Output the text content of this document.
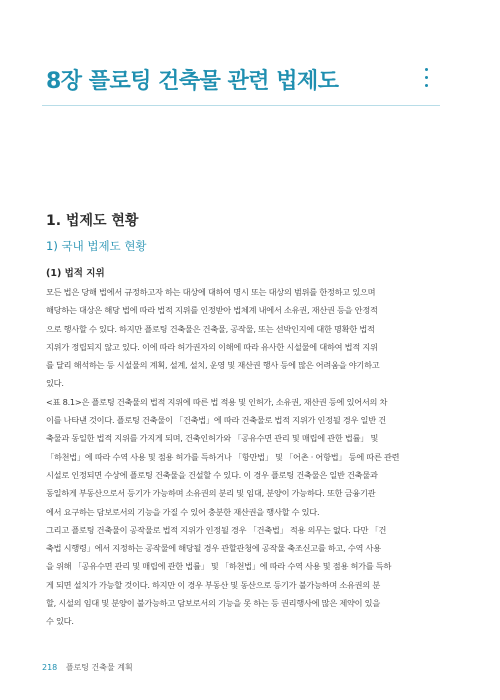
8장 플로팅 건축물 관련 법제도
1. 법제도 현황
1) 국내 법제도 현황
(1) 법적 지위
모든 법은 당해 법에서 규정하고자 하는 대상에 대하여 명시 또는 대상의 범위를 한정하고 있으며
해당하는 대상은 해당 법에 따라 법적 지위를 인정받아 법체계 내에서 소유권, 재산권 등을 안정적
으로 행사할 수 있다. 하지만 플로팅 건축물은 건축물, 공작물, 또는 선박인지에 대한 명확한 법적
지위가 정립되지 않고 있다. 이에 따라 허가권자의 이해에 따라 유사한 시설물에 대하여 법적 지위
를 달리 해석하는 등 시설물의 계획, 설계, 설치, 운영 및 재산권 행사 등에 많은 어려움을 야기하고
있다.
<표 8.1>은 플로팅 건축물의 법적 지위에 따른 법 적용 및 인허가, 소유권, 재산권 등에 있어서의 차
이를 나타낸 것이다. 플로팅 건축물이 「건축법」에 따라 건축물로 법적 지위가 인정될 경우 일반 건
축물과 동일한 법적 지위를 가지게 되며, 건축인허가와 「공유수면 관리 및 매립에 관한 법률」 및
「하천법」에 따라 수역 사용 및 점용 허가를 득하거나 「항만법」 및 「어촌 · 어항법」 등에 따른 관련
시설로 인정되면 수상에 플로팅 건축물을 건설할 수 있다. 이 경우 플로팅 건축물은 일반 건축물과
동일하게 부동산으로서 등기가 가능하며 소유권의 분리 및 임대, 분양이 가능하다. 또한 금융기관
에서 요구하는 담보로서의 기능을 가질 수 있어 충분한 재산권을 행사할 수 있다.
그리고 플로팅 건축물이 공작물로 법적 지위가 인정될 경우 「건축법」 적용 의무는 없다. 다만 「건
축법 시행령」에서 지정하는 공작물에 해당될 경우 관할관청에 공작물 축조신고를 하고, 수역 사용
을 위해 「공유수면 관리 및 매립에 관한 법률」 및 「하천법」에 따라 수역 사용 및 점용 허가를 득하
게 되면 설치가 가능할 것이다. 하지만 이 경우 부동산 및 동산으로 등기가 불가능하며 소유권의 분
할, 시설의 임대 및 분양이 불가능하고 담보로서의 기능을 못 하는 등 권리행사에 많은 제약이 있을
수 있다.
218 플로팅 건축물 계획
